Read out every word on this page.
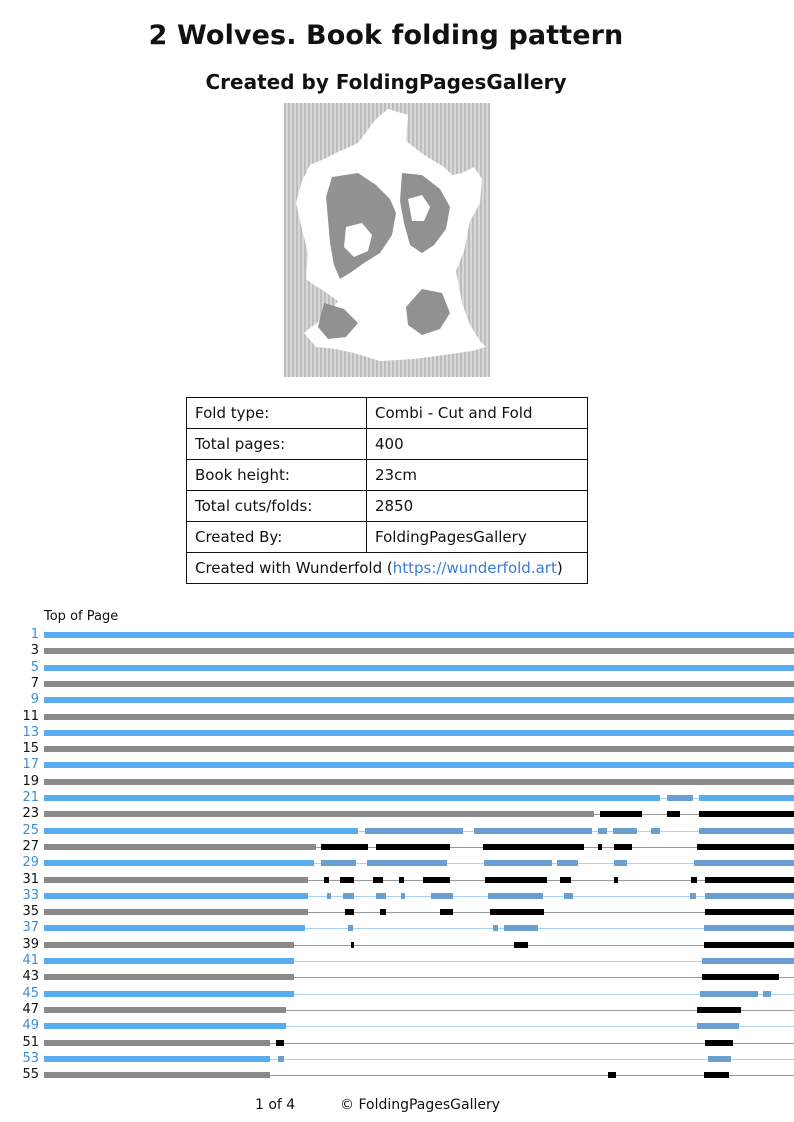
2 Wolves. Book folding pattern
Created by FoldingPagesGallery
Fold type:	Combi - Cut and Fold
Total pages:	400
Book height:	23cm
Total cuts/folds:	2850
Created By:	FoldingPagesGallery
Created with Wunderfold (https://wunderfold.art)	
Top of Page
1
3
5
7
9
11
13
15
17
19
21
23
25
27
29
31
33
35
37
39
41
43
45
47
49
51
53
55
1 of 4	© FoldingPagesGallery
